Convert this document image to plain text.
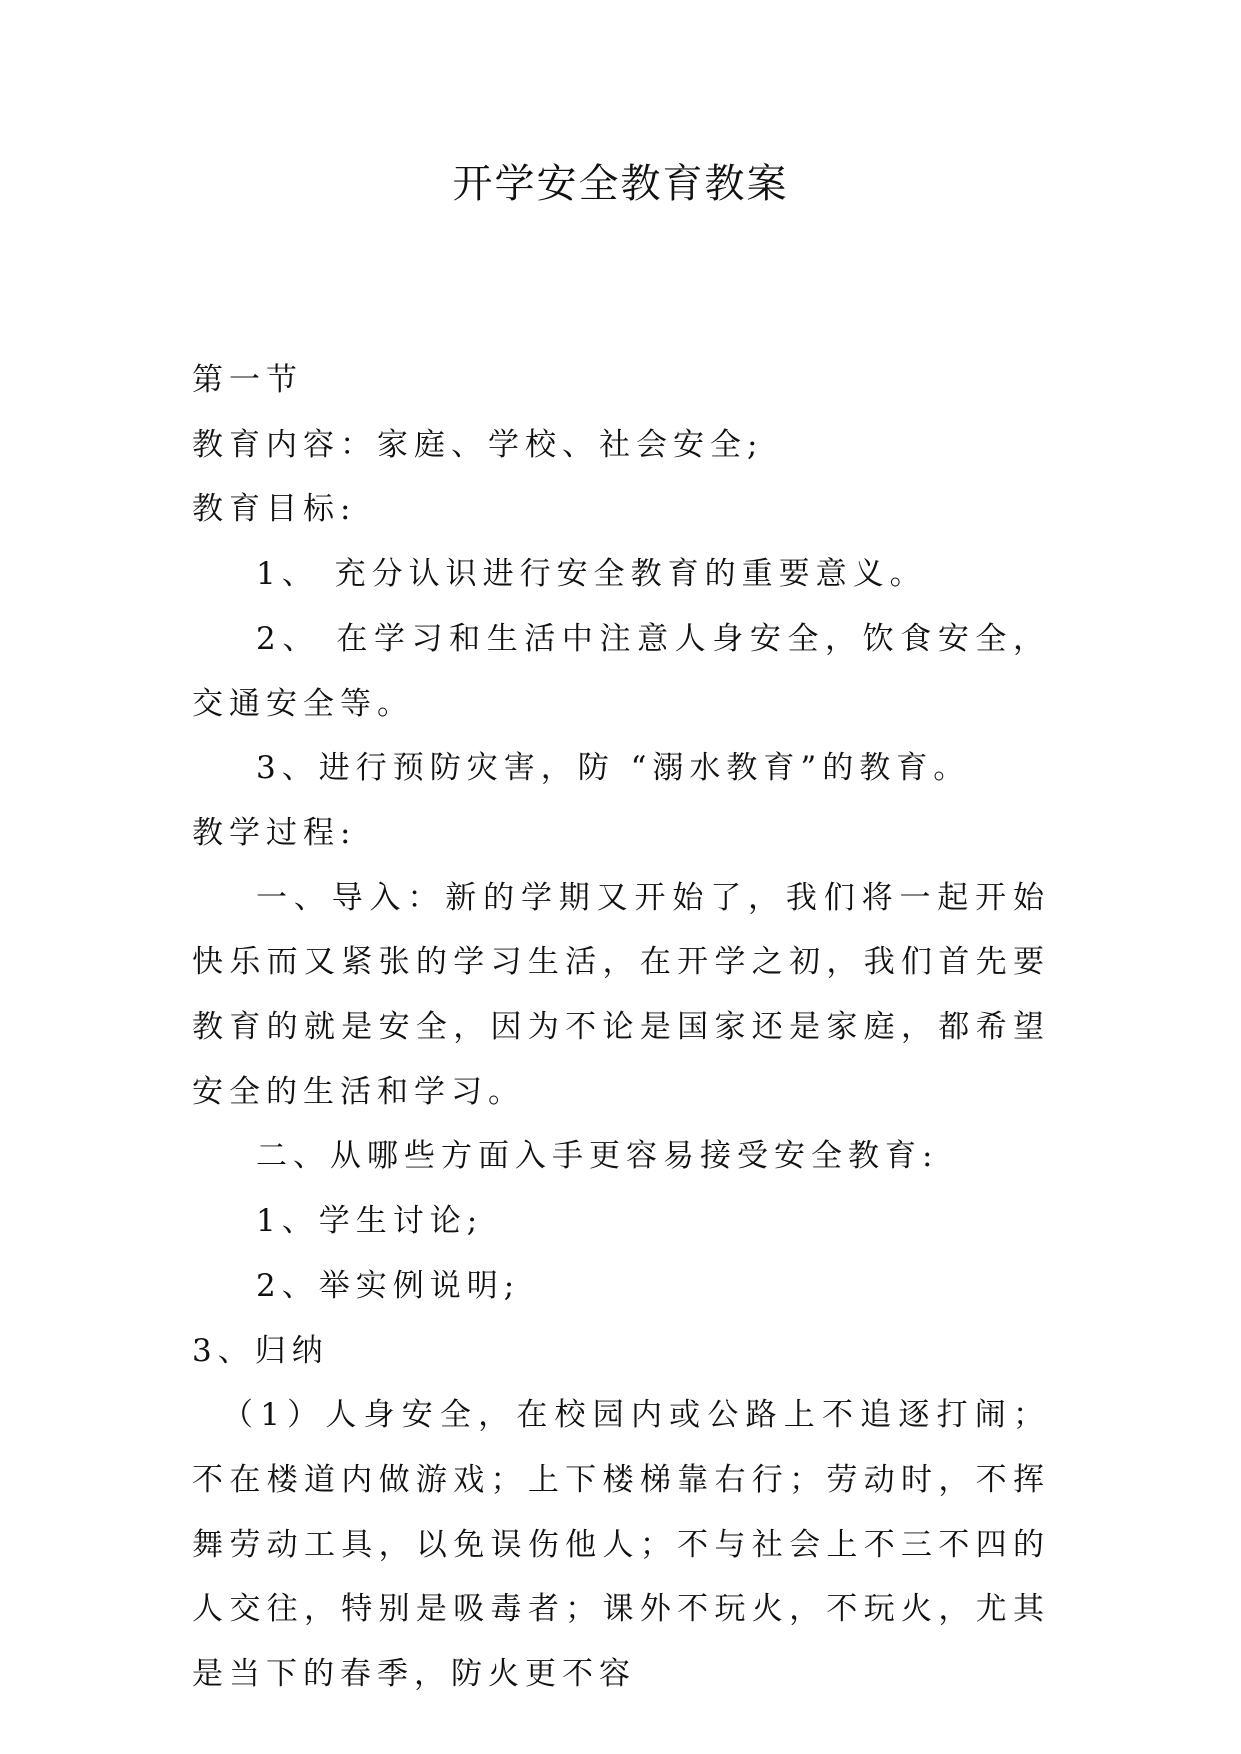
开学安全教育教案

第一节

教育内容：家庭、学校、社会安全;

教育目标:

1、 充分认识进行安全教育的重要意义。

2、 在学习和生活中注意人身安全，饮食安全，交通安全等。

3、进行预防灾害，防 “溺水教育”的教育。

教学过程:

一、导入：新的学期又开始了，我们将一起开始快乐而又紧张的学习生活，在开学之初，我们首先要教育的就是安全，因为不论是国家还是家庭，都希望安全的生活和学习。

二、从哪些方面入手更容易接受安全教育:

1、学生讨论;

2、举实例说明;

3、归纳

（1）人身安全，在校园内或公路上不追逐打闹；不在楼道内做游戏；上下楼梯靠右行；劳动时，不挥舞劳动工具，以免误伤他人；不与社会上不三不四的人交往，特别是吸毒者；课外不玩火，不玩火，尤其是当下的春季，防火更不容
